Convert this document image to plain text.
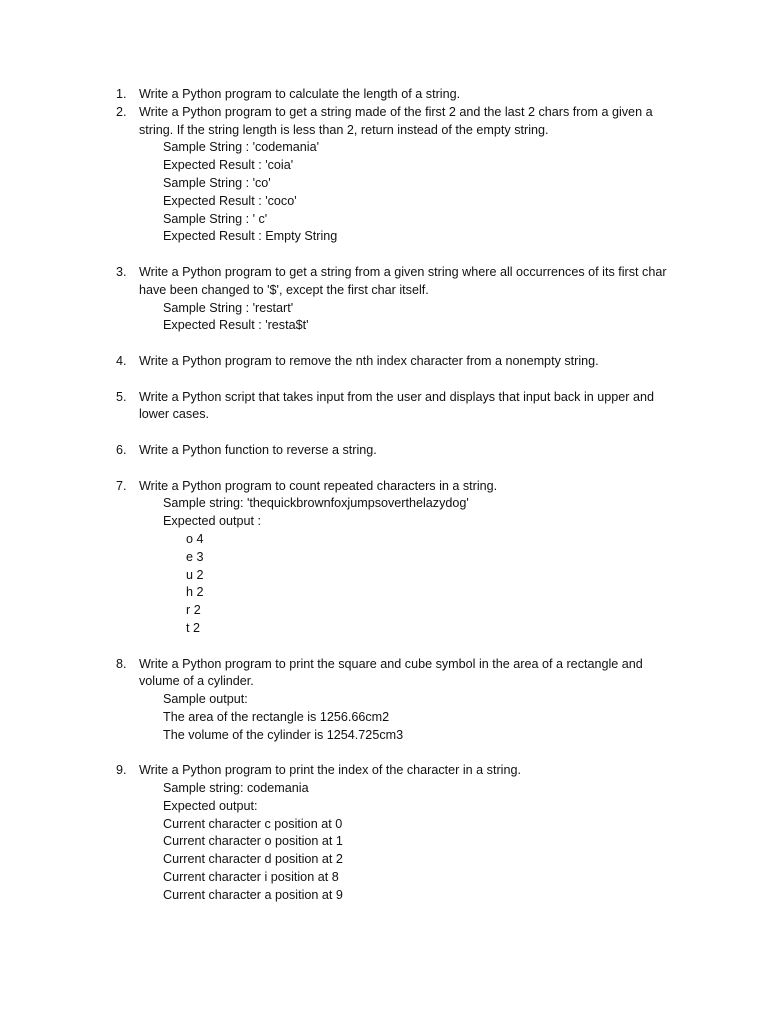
1. Write a Python program to calculate the length of a string.
2. Write a Python program to get a string made of the first 2 and the last 2 chars from a given a string. If the string length is less than 2, return instead of the empty string.
Sample String : 'codemania'
Expected Result : 'coia'
Sample String : 'co'
Expected Result : 'coco'
Sample String : ' c'
Expected Result : Empty String
3. Write a Python program to get a string from a given string where all occurrences of its first char have been changed to '$', except the first char itself.
Sample String : 'restart'
Expected Result : 'resta$t'
4. Write a Python program to remove the nth index character from a nonempty string.
5. Write a Python script that takes input from the user and displays that input back in upper and lower cases.
6. Write a Python function to reverse a string.
7. Write a Python program to count repeated characters in a string.
Sample string: 'thequickbrownfoxjumpsoverthelazydog'
Expected output :
o 4
e 3
u 2
h 2
r 2
t 2
8. Write a Python program to print the square and cube symbol in the area of a rectangle and volume of a cylinder.
Sample output:
The area of the rectangle is 1256.66cm2
The volume of the cylinder is 1254.725cm3
9. Write a Python program to print the index of the character in a string.
Sample string: codemania
Expected output:
Current character c position at 0
Current character o position at 1
Current character d position at 2
Current character i position at 8
Current character a position at 9
